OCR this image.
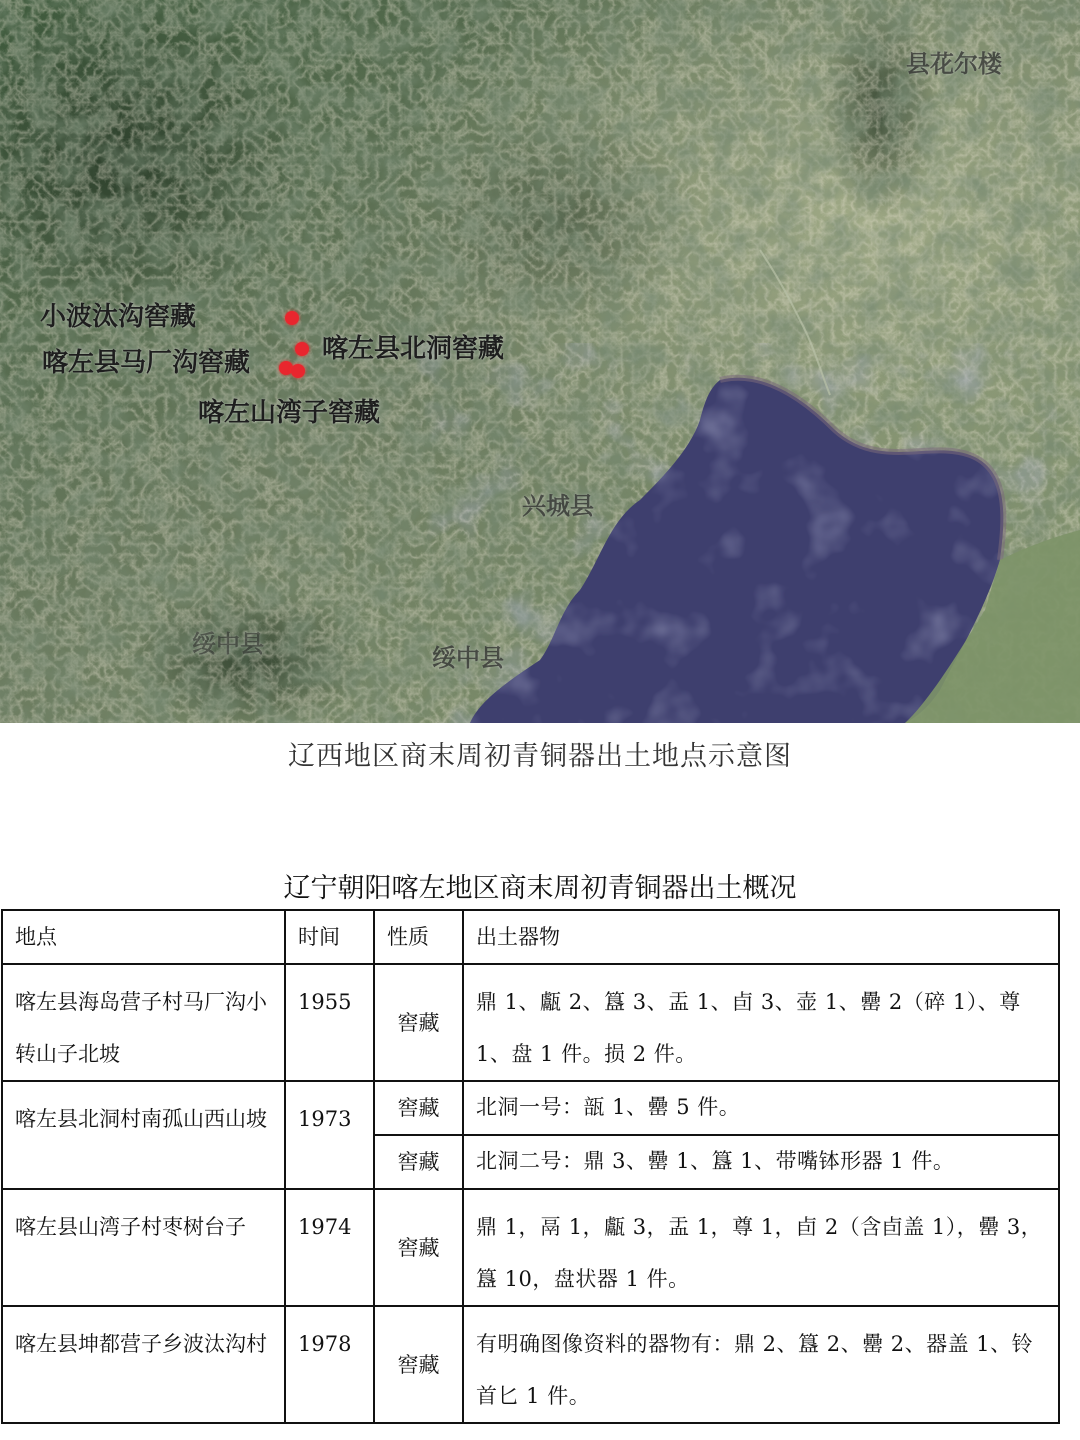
小波汰沟窖藏
喀左县北洞窖藏
喀左县马厂沟窖藏
喀左山湾子窖藏
县花尔楼
兴城县
绥中县
绥中县
辽西地区商末周初青铜器出土地点示意图
辽宁朝阳喀左地区商末周初青铜器出土概况
地点	时间	性质	出土器物
喀左县海岛营子村马厂沟小转山子北坡	1955	窖藏	鼎 1、甗 2、簋 3、盂 1、卣 3、壶 1、罍 2（碎 1）、尊 1、盘 1 件。损 2 件。
喀左县北洞村南孤山西山坡	1973	窖藏	北洞一号：瓿 1、罍 5 件。
		窖藏	北洞二号：鼎 3、罍 1、簋 1、带嘴钵形器 1 件。
喀左县山湾子村枣树台子	1974	窖藏	鼎 1，鬲 1，甗 3，盂 1，尊 1，卣 2（含卣盖 1），罍 3，簋 10，盘状器 1 件。
喀左县坤都营子乡波汰沟村	1978	窖藏	有明确图像资料的器物有：鼎 2、簋 2、罍 2、器盖 1、铃首匕 1 件。
